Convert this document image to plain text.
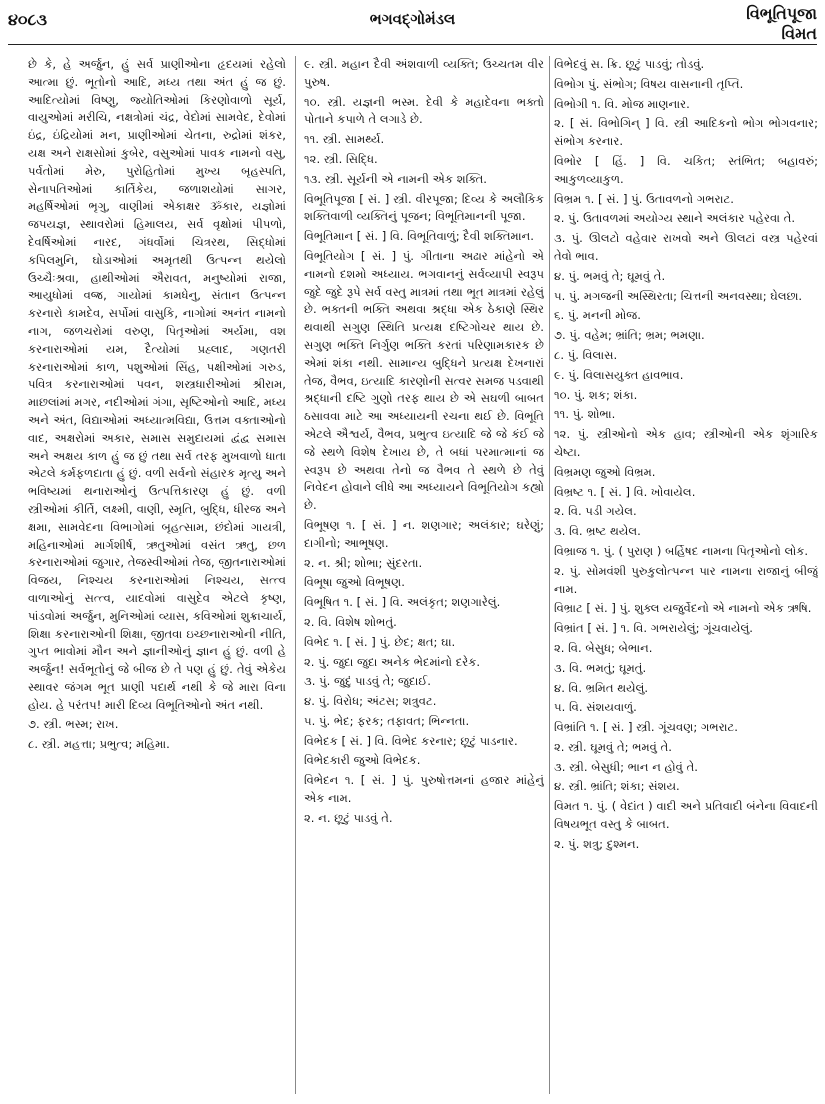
૪૦૮૩	ભગવદ્ગોમંડલ	વિભૂતિપૂજા
વિમત

છે કે, હે અર્જુન, હું સર્વ પ્રાણીઓના હૃદયમાં રહેલો આત્મા છું. ભૂતોનો આદિ, મધ્ય તથા અંત હું જ છું. આદિત્યોમાં વિષ્ણુ, જ્યોતિઓમાં કિરણોવાળો સૂર્ય, વાયુઓમાં મરીચિ, નક્ષત્રોમાં ચંદ્ર, વેદોમાં સામવેદ, દેવોમાં ઇંદ્ર, ઇંદ્રિયોમાં મન, પ્રાણીઓમાં ચેતના, રુદ્રોમાં શંકર, યક્ષ અને રાક્ષસોમાં કુબેર, વસુઓમાં પાવક નામનો વસુ, પર્વતોમાં મેરુ, પુરોહિતોમાં મુખ્ય બૃહસ્પતિ, સેનાપતિઓમાં કાર્તિકેય, જળાશયોમાં સાગર, મહર્ષિઓમાં ભૃગુ, વાણીમાં એકાક્ષર ૐકાર, યજ્ઞોમાં જપયજ્ઞ, સ્થાવરોમાં હિમાલય, સર્વ વૃક્ષોમાં પીપળો, દેવર્ષિઓમાં નારદ, ગંધર્વોમાં ચિત્રરથ, સિદ્ધોમાં કપિલમુનિ, ઘોડાઓમાં અમૃતથી ઉત્પન્ન થયેલો ઉચ્ચૈઃશ્રવા, હાથીઓમાં ઐરાવત, મનુષ્યોમાં રાજા, આયુધોમાં વજ્ર, ગાયોમાં કામધેનુ, સંતાન ઉત્પન્ન કરનારો કામદેવ, સર્પોમાં વાસુકિ, નાગોમાં અનંત નામનો નાગ, જળચરોમાં વરુણ, પિતૃઓમાં અર્યમા, વશ કરનારાઓમાં યમ, દૈત્યોમાં પ્રહ્લાદ, ગણતરી કરનારાઓમાં કાળ, પશુઓમાં સિંહ, પક્ષીઓમાં ગરુડ, પવિત્ર કરનારાઓમાં પવન, શસ્ત્રધારીઓમાં શ્રીરામ, માછલાંમાં મગર, નદીઓમાં ગંગા, સૃષ્ટિઓનો આદિ, મધ્ય અને અંત, વિદ્યાઓમાં અધ્યાત્મવિદ્યા, ઉત્તમ વક્તાઓનો વાદ, અક્ષરોમાં અકાર, સમાસ સમુદાયમાં દ્વંદ્વ સમાસ અને અક્ષય કાળ હું જ છું તથા સર્વ તરફ મુખવાળો ધાતા એટલે કર્મફળદાતા હું છું. વળી સર્વનો સંહારક મૃત્યુ અને ભવિષ્યમાં થનારાઓનું ઉત્પત્તિકારણ હું છું. વળી સ્ત્રીઓમાં કીર્તિ, લક્ષ્મી, વાણી, સ્મૃતિ, બુદ્ધિ, ધીરજ અને ક્ષમા, સામવેદના વિભાગોમાં બૃહત્સામ, છંદોમાં ગાયત્રી, મહિનાઓમાં માર્ગશીર્ષ, ઋતુઓમાં વસંત ઋતુ, છળ કરનારાઓમાં જુગાર, તેજસ્વીઓમાં તેજ, જીતનારાઓમાં વિજય, નિશ્ચય કરનારાઓમાં નિશ્ચય, સત્ત્વ વાળાઓનું સત્ત્વ, યાદવોમાં વાસુદેવ એટલે કૃષ્ણ, પાંડવોમાં અર્જુન, મુનિઓમાં વ્યાસ, કવિઓમાં શુક્રાચાર્ય, શિક્ષા કરનારાઓની શિક્ષા, જીતવા ઇચ્છનારાઓની નીતિ, ગુપ્ત ભાવોમાં મૌન અને જ્ઞાનીઓનું જ્ઞાન હું છું. વળી હે અર્જુન! સર્વભૂતોનું જે બીજ છે તે પણ હું છું. તેવું એકેય સ્થાવર જંગમ ભૂત પ્રાણી પદાર્થ નથી કે જે મારા વિના હોય. હે પરંતપ! મારી દિવ્ય વિભૂતિઓનો અંત નથી.

૭. સ્ત્રી. ભસ્મ; રાખ.

૮. સ્ત્રી. મહત્તા; પ્રભુત્વ; મહિમા.

૯. સ્ત્રી. મહાન દૈવી અંશવાળી વ્યક્તિ; ઉચ્ચતમ વીર પુરુષ.

૧૦. સ્ત્રી. યજ્ઞની ભસ્મ. દેવી કે મહાદેવના ભક્તો પોતાને કપાળે તે લગાડે છે.

૧૧. સ્ત્રી. સામર્થ્ય.

૧૨. સ્ત્રી. સિદ્ધિ.

૧૩. સ્ત્રી. સૂર્યની એ નામની એક શક્તિ.

વિભૂતિપૂજા [ સં. ] સ્ત્રી. વીરપૂજા; દિવ્ય કે અલૌકિક શક્તિવાળી વ્યક્તિનું પૂજન; વિભૂતિમાનની પૂજા.

વિભૂતિમાન [ સં. ] વિ. વિભૂતિવાળું; દૈવી શક્તિમાન.

વિભૂતિયોગ [ સં. ] પું. ગીતાના અઢાર માંહેનો એ નામનો દશમો અધ્યાય. ભગવાનનું સર્વવ્યાપી સ્વરૂપ જુદે જુદે રૂપે સર્વ વસ્તુ માત્રમાં તથા ભૂત માત્રમાં રહેલું છે. ભક્તની ભક્તિ અથવા શ્રદ્ધા એક ઠેકાણે સ્થિર થવાથી સગુણ સ્થિતિ પ્રત્યક્ષ દષ્ટિગોચર થાય છે. સગુણ ભક્તિ નિર્ગુણ ભક્તિ કરતાં પરિણામકારક છે એમાં શંકા નથી. સામાન્ય બુદ્ધિને પ્રત્યક્ષ દેખનારાં તેજ, વૈભવ, ઇત્યાદિ કારણોની સત્વર સમજ પડવાથી શ્રદ્ધાની દષ્ટિ ગુણો તરફ થાય છે એ સઘળી બાબત ઠસાવવા માટે આ અધ્યાયની રચના થઈ છે. વિભૂતિ એટલે ઐશ્વર્ય, વૈભવ, પ્રભુત્વ ઇત્યાદિ જે જે કંઈ જે જે સ્થળે વિશેષ દેખાય છે, તે બધાં પરમાત્માનાં જ સ્વરૂપ છે અથવા તેનો જ વૈભવ તે સ્થળે છે તેવું નિવેદન હોવાને લીધે આ અધ્યાયને વિભૂતિયોગ કહ્યો છે.

વિભૂષણ ૧. [ સં. ] ન. શણગાર; અલંકાર; ઘરેણું; દાગીનો; આભૂષણ.

૨. ન. શ્રી; શોભા; સુંદરતા.

વિભૂષા જુઓ વિભૂષણ.

વિભૂષિત ૧. [ સં. ] વિ. અલંકૃત; શણગારેલું.

૨. વિ. વિશેષ શોભતું.

વિભેદ ૧. [ સં. ] પું. છેદ; ક્ષત; ઘા.

૨. પું. જુદા જુદા અનેક ભેદમાંનો દરેક.

૩. પું. જુદું પાડવું તે; જુદાઈ.

૪. પું. વિરોધ; અંટસ; શત્રુવટ.

૫. પું. ભેદ; ફરક; તફાવત; ભિન્નતા.

વિભેદક [ સં. ] વિ. વિભેદ કરનાર; છૂટું પાડનાર.

વિભેદકારી જુઓ વિભેદક.

વિભેદન ૧. [ સં. ] પું. પુરુષોત્તમનાં હજાર માંહેનું એક નામ.

૨. ન. છૂટું પાડવું તે.

વિભેદવું સ. ક્રિ. છૂટું પાડવું; તોડવું.

વિભોગ પું. સંભોગ; વિષય વાસનાની તૃપ્તિ.

વિભોગી ૧. વિ. મોજ માણનાર.

૨. [ સં. વિભોગિન્ ] વિ. સ્ત્રી આદિકનો ભોગ ભોગવનાર; સંભોગ કરનાર.

વિભોર [ હિં. ] વિ. ચકિત; સ્તંભિત; બહાવરું; આકુળવ્યાકુળ.

વિભ્રમ ૧. [ સં. ] પું. ઉતાવળનો ગભરાટ.

૨. પું. ઉતાવળમાં અયોગ્ય સ્થાને અલંકાર પહેરવા તે.

૩. પું. ઊલટો વહેવાર રાખવો અને ઊલટાં વસ્ત્ર પહેરવાં તેવો ભાવ.

૪. પું. ભમવું તે; ઘૂમવું તે.

૫. પું. મગજની અસ્થિરતા; ચિત્તની અનવસ્થા; ઘેલછા.

૬. પું. મનની મોજ.

૭. પું. વહેમ; ભ્રાંતિ; ભ્રમ; ભમણા.

૮. પું. વિલાસ.

૯. પું. વિલાસયુક્ત હાવભાવ.

૧૦. પું. શક; શંકા.

૧૧. પું. શોભા.

૧૨. પું. સ્ત્રીઓનો એક હાવ; સ્ત્રીઓની એક શૃંગારિક ચેષ્ટા.

વિભ્રમણ જુઓ વિભ્રમ.

વિભ્રષ્ટ ૧. [ સં. ] વિ. ખોવાયેલ.

૨. વિ. પડી ગયેલ.

૩. વિ. ભ્રષ્ટ થયેલ.

વિભ્રાજ ૧. પું. ( પુરાણ ) બર્હિષદ નામના પિતૃઓનો લોક.

૨. પું. સોમવંશી પુરુકુલોત્પન્ન પાર નામના રાજાનું બીજું નામ.

વિભ્રાટ [ સં. ] પું. શુક્લ યજુર્વેદનો એ નામનો એક ઋષિ.

વિભ્રાંત [ સં. ] ૧. વિ. ગભરાયેલું; ગૂંચવાયેલું.

૨. વિ. બેસુધ; બેભાન.

૩. વિ. ભમતું; ઘૂમતું.

૪. વિ. ભ્રમિત થયેલું.

૫. વિ. સંશયવાળું.

વિભ્રાંતિ ૧. [ સં. ] સ્ત્રી. ગૂંચવણ; ગભરાટ.

૨. સ્ત્રી. ઘૂમવું તે; ભમવું તે.

૩. સ્ત્રી. બેસુધી; ભાન ન હોવું તે.

૪. સ્ત્રી. ભ્રાંતિ; શંકા; સંશય.

વિમત ૧. પું. ( વેદાંત ) વાદી અને પ્રતિવાદી બંનેના વિવાદની વિષયભૂત વસ્તુ કે બાબત.

૨. પું. શત્રુ; દુશ્મન.
